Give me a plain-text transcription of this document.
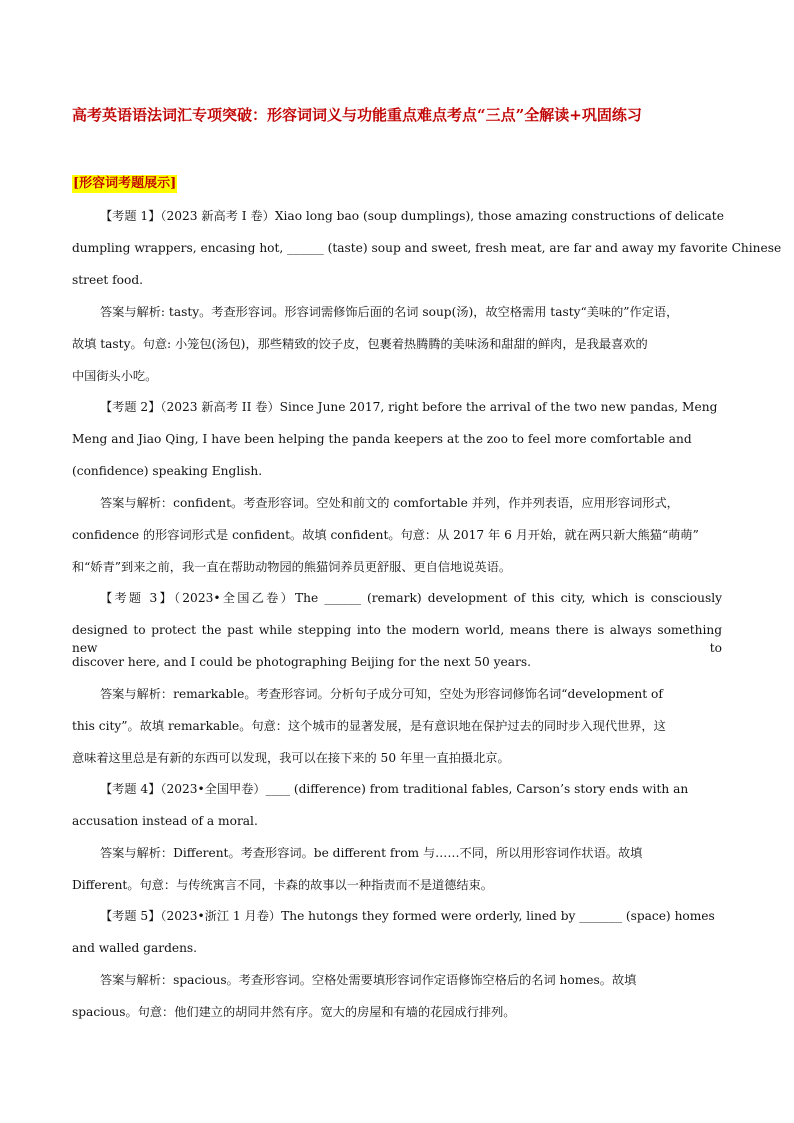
高考英语语法词汇专项突破：形容词词义与功能重点难点考点“三点”全解读+巩固练习
[形容词考题展示]
【考题 1】（2023 新高考 I 卷）Xiao long bao (soup dumplings), those amazing constructions of delicate
dumpling wrappers, encasing hot, ______ (taste) soup and sweet, fresh meat, are far and away my favorite Chinese
street food.
答案与解析: tasty。考查形容词。形容词需修饰后面的名词 soup(汤)，故空格需用 tasty“美味的”作定语，
故填 tasty。句意: 小笼包(汤包)，那些精致的饺子皮，包裹着热腾腾的美味汤和甜甜的鲜肉，是我最喜欢的
中国街头小吃。
【考题 2】（2023 新高考 II 卷）Since June 2017, right before the arrival of the two new pandas, Meng
Meng and Jiao Qing, I have been helping the panda keepers at the zoo to feel more comfortable and
(confidence) speaking English.
答案与解析：confident。考查形容词。空处和前文的 comfortable 并列，作并列表语，应用形容词形式，
confidence 的形容词形式是 confident。故填 confident。句意：从 2017 年 6 月开始，就在两只新大熊猫“萌萌”
和“娇青”到来之前，我一直在帮助动物园的熊猫饲养员更舒服、更自信地说英语。
【考题 3】（2023•全国乙卷）The ______ (remark) development of this city, which is consciously
designed to protect the past while stepping into the modern world, means there is always something new to
discover here, and I could be photographing Beijing for the next 50 years.
答案与解析：remarkable。考查形容词。分析句子成分可知，空处为形容词修饰名词“development of
this city”。故填 remarkable。句意：这个城市的显著发展，是有意识地在保护过去的同时步入现代世界，这
意味着这里总是有新的东西可以发现，我可以在接下来的 50 年里一直拍摄北京。
【考题 4】（2023•全国甲卷）____ (difference) from traditional fables, Carson’s story ends with an
accusation instead of a moral.
答案与解析：Different。考查形容词。be different from 与……不同，所以用形容词作状语。故填
Different。句意：与传统寓言不同，卡森的故事以一种指责而不是道德结束。
【考题 5】（2023•浙江 1 月卷）The hutongs they formed were orderly, lined by _______ (space) homes
and walled gardens.
答案与解析：spacious。考查形容词。空格处需要填形容词作定语修饰空格后的名词 homes。故填
spacious。句意：他们建立的胡同井然有序。宽大的房屋和有墙的花园成行排列。
